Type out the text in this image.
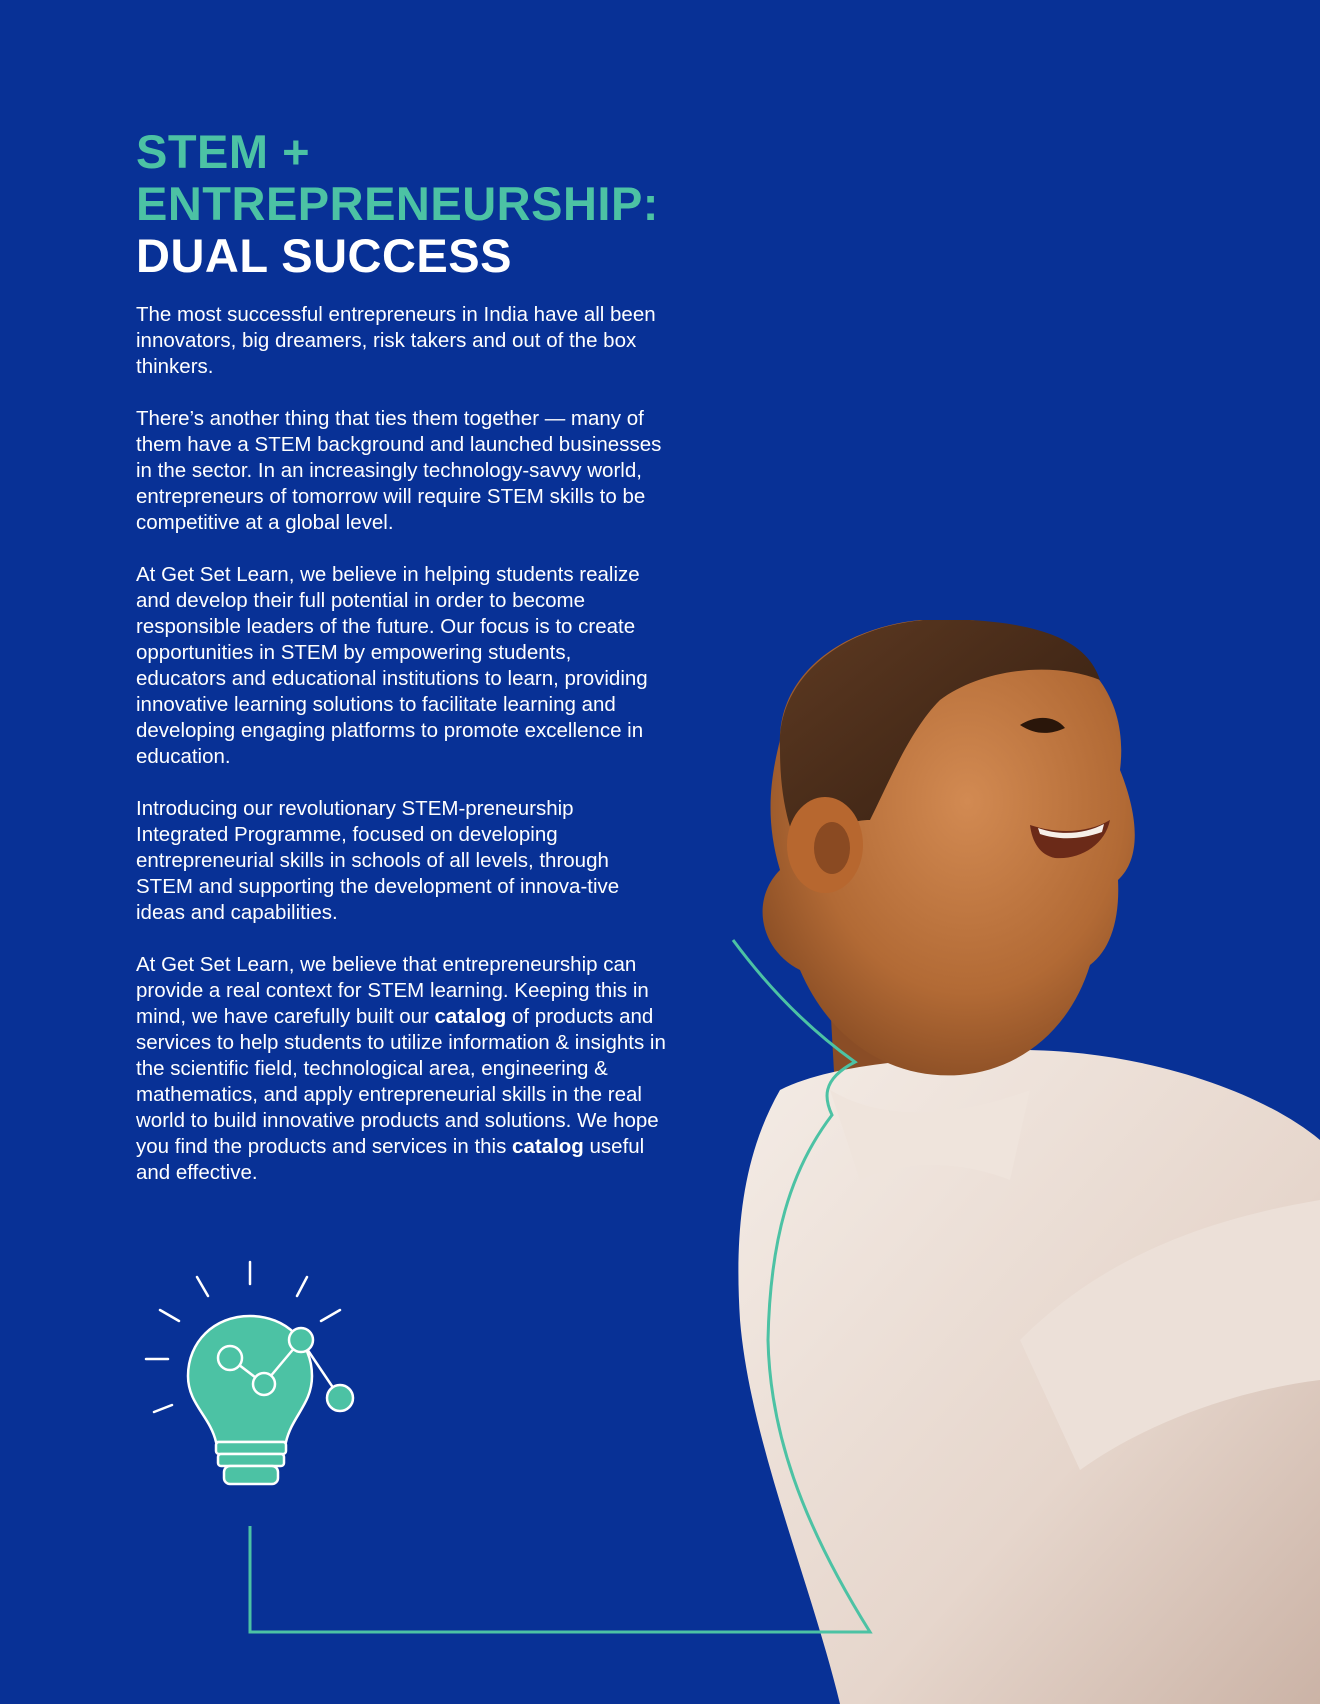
STEM +
ENTREPRENEURSHIP:
DUAL SUCCESS

The most successful entrepreneurs in India have all been innovators, big dreamers, risk takers and out of the box thinkers.

There’s another thing that ties them together — many of them have a STEM background and launched businesses in the sector. In an increasingly technology-savvy world, entrepreneurs of tomorrow will require STEM skills to be competitive at a global level.

At Get Set Learn, we believe in helping students realize and develop their full potential in order to become responsible leaders of the future. Our focus is to create opportunities in STEM by empowering students, educators and educational institutions to learn, providing innovative learning solutions to facilitate learning and developing engaging platforms to promote excellence in education.

Introducing our revolutionary STEM-preneurship Integrated Programme, focused on developing entrepreneurial skills in schools of all levels, through STEM and supporting the development of innova-tive ideas and capabilities.

At Get Set Learn, we believe that entrepreneurship can provide a real context for STEM learning. Keeping this in mind, we have carefully built our catalog of products and services to help students to utilize information & insights in the scientific field, technological area, engineering & mathematics, and apply entrepreneurial skills in the real world to build innovative products and solutions. We hope you find the products and services in this catalog useful and effective.
